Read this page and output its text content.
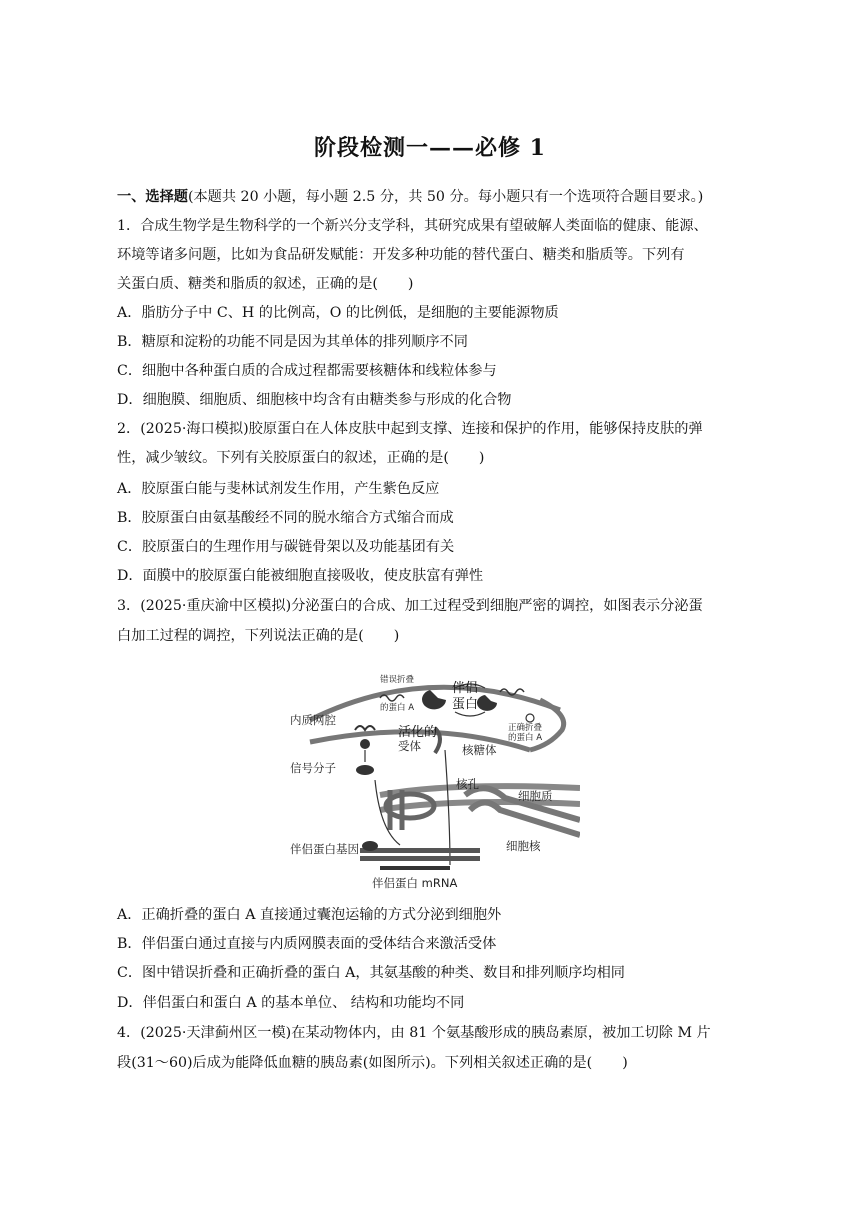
阶段检测一——必修 1
一、选择题(本题共 20 小题，每小题 2.5 分，共 50 分。每小题只有一个选项符合题目要求。)
1．合成生物学是生物科学的一个新兴分支学科，其研究成果有望破解人类面临的健康、能源、
环境等诸多问题，比如为食品研发赋能：开发多种功能的替代蛋白、糖类和脂质等。下列有
关蛋白质、糖类和脂质的叙述，正确的是( )
A．脂肪分子中 C、H 的比例高，O 的比例低，是细胞的主要能源物质
B．糖原和淀粉的功能不同是因为其单体的排列顺序不同
C．细胞中各种蛋白质的合成过程都需要核糖体和线粒体参与
D．细胞膜、细胞质、细胞核中均含有由糖类参与形成的化合物
2．(2025·海口模拟)胶原蛋白在人体皮肤中起到支撑、连接和保护的作用，能够保持皮肤的弹
性，减少皱纹。下列有关胶原蛋白的叙述，正确的是( )
A．胶原蛋白能与斐林试剂发生作用，产生紫色反应
B．胶原蛋白由氨基酸经不同的脱水缩合方式缩合而成
C．胶原蛋白的生理作用与碳链骨架以及功能基团有关
D．面膜中的胶原蛋白能被细胞直接吸收，使皮肤富有弹性
3．(2025·重庆渝中区模拟)分泌蛋白的合成、加工过程受到细胞严密的调控，如图表示分泌蛋
白加工过程的调控，下列说法正确的是( )
错误折叠
的蛋白 A
伴侣
蛋白
正确折叠
的蛋白 A
内质网腔
活化的
受体	核糖体
信号分子
核孔
细胞质
伴侣蛋白基因	细胞核
伴侣蛋白 mRNA
A．正确折叠的蛋白 A 直接通过囊泡运输的方式分泌到细胞外
B．伴侣蛋白通过直接与内质网膜表面的受体结合来激活受体
C．图中错误折叠和正确折叠的蛋白 A，其氨基酸的种类、数目和排列顺序均相同
D．伴侣蛋白和蛋白 A 的基本单位、 结构和功能均不同
4．(2025·天津蓟州区一模)在某动物体内，由 81 个氨基酸形成的胰岛素原，被加工切除 M 片
段(31～60)后成为能降低血糖的胰岛素(如图所示)。下列相关叙述正确的是( )
